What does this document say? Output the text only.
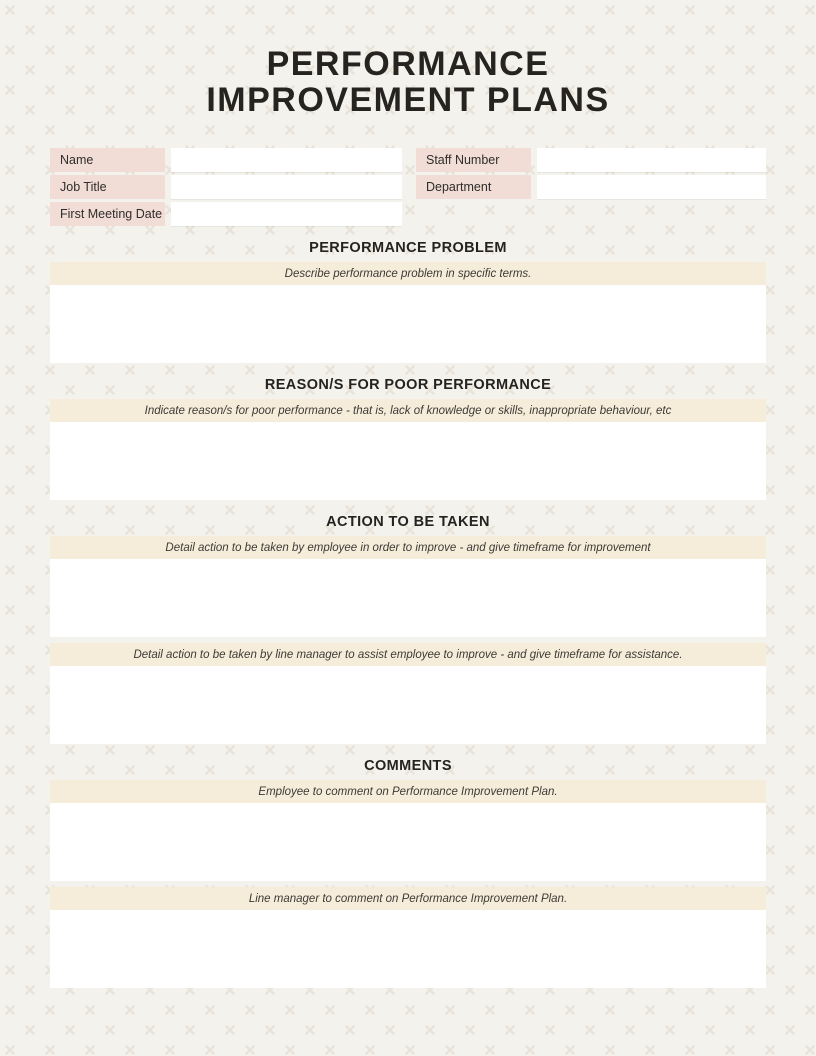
PERFORMANCE
IMPROVEMENT PLANS
Name	Staff Number
Job Title	Department
First Meeting Date
PERFORMANCE PROBLEM
Describe performance problem in specific terms.
REASON/S FOR POOR PERFORMANCE
Indicate reason/s for poor performance - that is, lack of knowledge or skills, inappropriate behaviour, etc
ACTION TO BE TAKEN
Detail action to be taken by employee in order to improve - and give timeframe for improvement
Detail action to be taken by line manager to assist employee to improve - and give timeframe for assistance.
COMMENTS
Employee to comment on Performance Improvement Plan.
Line manager to comment on Performance Improvement Plan.
